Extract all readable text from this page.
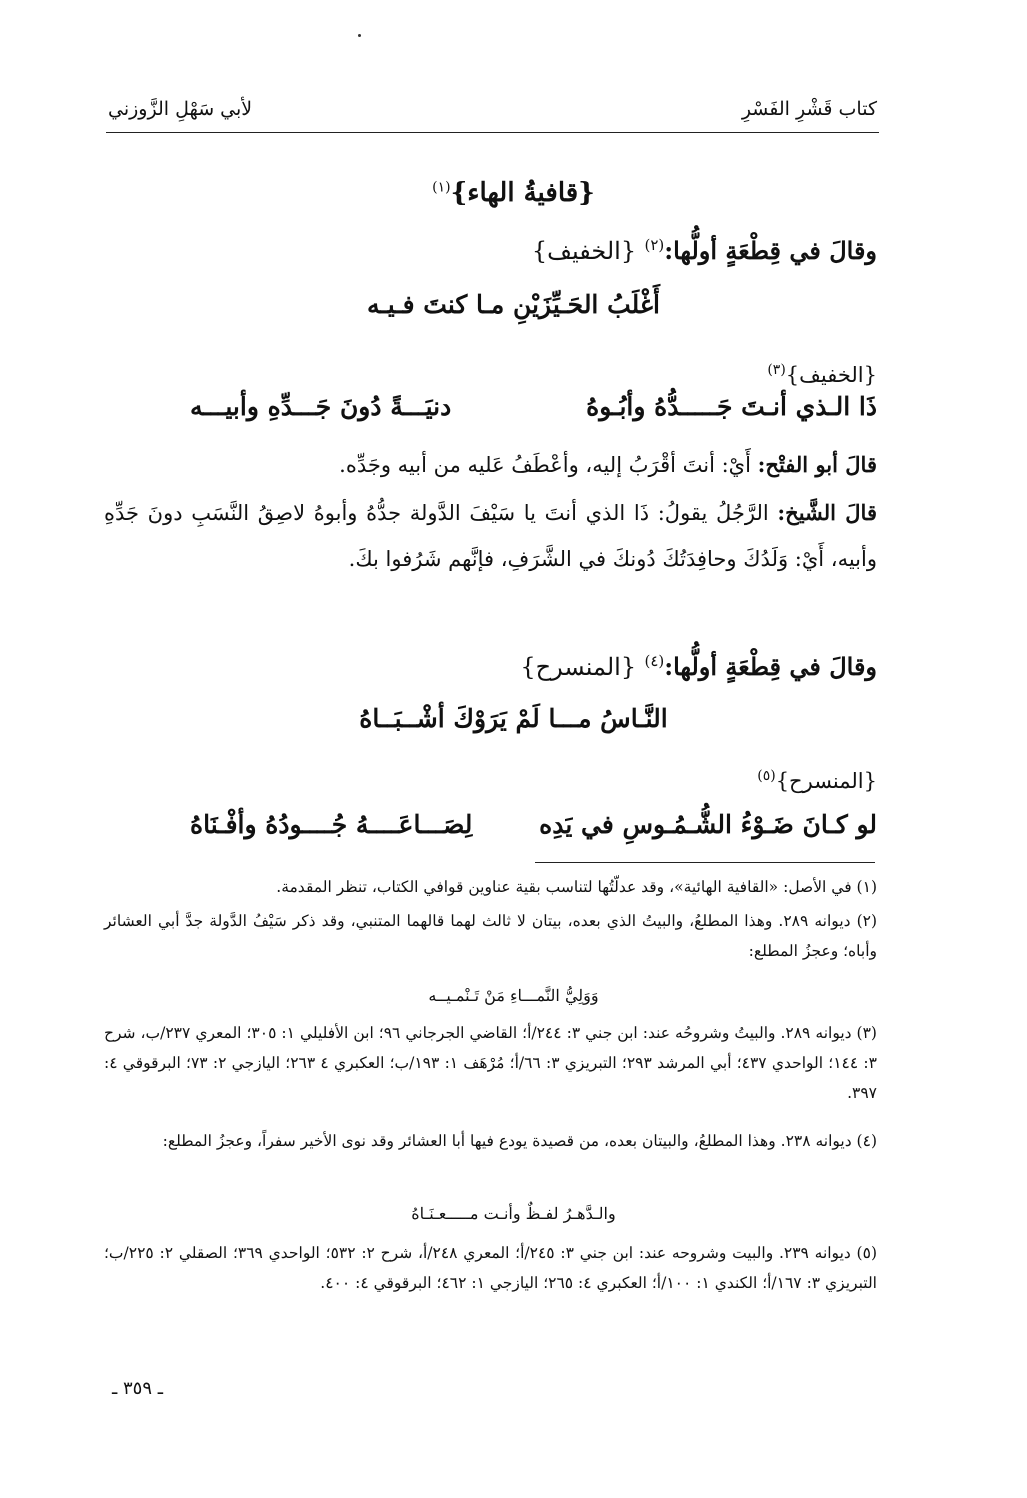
كتاب قَشْرِ الفَسْرِ
لأبي سَهْلِ الزَّوزني
{قافيةُ الهاء}$^{(١)}$
وقالَ في قِطْعَةٍ أولُّها:$^{(٢)}$ {الخفيف}
أَغْلَبُ الحَـيِّزَيْنِ مـا كنتَ فـيـه
{الخفيف}$^{(٣)}$
ذَا الـذي أنـتَ جَـــــدُّهُ وأبُـوهُ
دنيَـــةً دُونَ جَـــدِّهِ وأبيـــه
قالَ أبو الفتْح: أَيْ: أنتَ أقْرَبُ إليه، وأعْطَفُ عَليه من أبيه وجَدِّه.
قالَ الشَّيخ: الرَّجُلُ يقولُ: ذَا الذي أنتَ يا سَيْفَ الدَّولة جدُّهُ وأبوهُ لاصِقُ النَّسَبِ دونَ جَدِّهِ وأبيه، أَيْ: وَلَدُكَ وحافِدَتُكَ دُونكَ في الشَّرَفِ، فإنَّهم شَرُفوا بكَ.
وقالَ في قِطْعَةٍ أولُّها:$^{(٤)}$ {المنسرح}
النَّـاسُ مـــا لَمْ يَرَوْكَ أشْــبَــاهُ
{المنسرح}$^{(٥)}$
لو كـانَ ضَـوْءُ الشُّـمُـوسِ في يَدِه
لِصَـــاعَــــهُ جُــــودُهُ وأفْـنَاهُ
(١) في الأصل: «القافية الهائية»، وقد عدلّتُها لتناسب بقية عناوين قوافي الكتاب، تنظر المقدمة.
(٢) ديوانه ٢٨٩. وهذا المطلعُ، والبيتُ الذي بعده، بيتان لا ثالث لهما قالهما المتنبي، وقد ذكر سَيْفُ الدَّولة جدَّ أبي العشائر وأباه؛ وعجزُ المطلع:
وَوَلِيُّ النَّمـــاءِ مَنْ تَـنْمـيــه
(٣) ديوانه ٢٨٩. والبيتُ وشروحُه عند: ابن جني ٣: ٢٤٤/أ؛ القاضي الجرجاني ٩٦؛ ابن الأفليلي ١: ٣٠٥؛ المعري ٢٣٧/ب، شرح ٣: ١٤٤؛ الواحدي ٤٣٧؛ أبي المرشد ٢٩٣؛ التبريزي ٣: ٦٦/أ؛ مُرْهَف ١: ١٩٣/ب؛ العكبري ٤ ٢٦٣؛ اليازجي ٢: ٧٣؛ البرقوقي ٤: ٣٩٧.
(٤) ديوانه ٢٣٨. وهذا المطلعُ، والبيتان بعده، من قصيدة يودع فيها أبا العشائر وقد نوى الأخير سفراً، وعجزُ المطلع:
والـدَّهـرُ لفـظٌ وأنـت مـــــعـنَـاهُ
(٥) ديوانه ٢٣٩. والبيت وشروحه عند: ابن جني ٣: ٢٤٥/أ؛ المعري ٢٤٨/أ، شرح ٢: ٥٣٢؛ الواحدي ٣٦٩؛ الصقلي ٢: ٢٢٥/ب؛ التبريزي ٣: ١٦٧/أ؛ الكندي ١: ١٠٠/أ؛ العكبري ٤: ٢٦٥؛ اليازجي ١: ٤٦٢؛ البرقوقي ٤: ٤٠٠.
ـ ٣٥٩ ـ
